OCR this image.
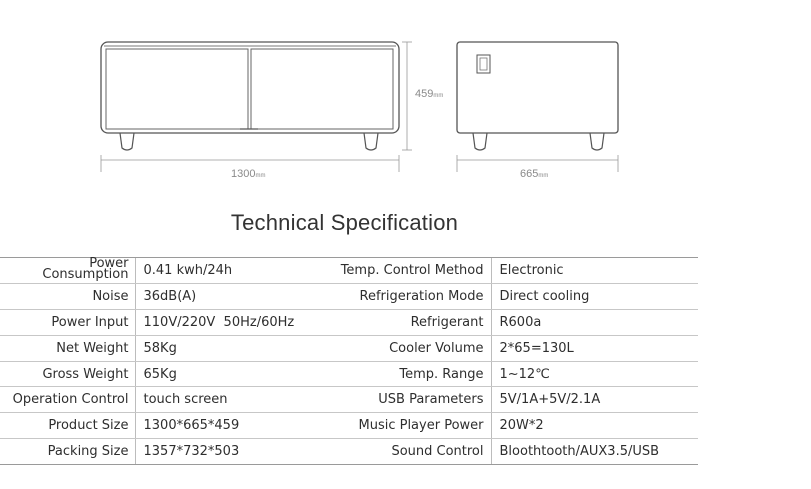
1300mm
459mm
665mm
Technical Specification
Power
Consumption	0.41 kwh/24h	Temp. Control Method	Electronic
Noise	36dB(A)	Refrigeration Mode	Direct cooling
Power Input	110V/220V  50Hz/60Hz	Refrigerant	R600a
Net Weight	58Kg	Cooler Volume	2*65=130L
Gross Weight	65Kg	Temp. Range	1~12℃
Operation Control	touch screen	USB Parameters	5V/1A+5V/2.1A
Product Size	1300*665*459	Music Player Power	20W*2
Packing Size	1357*732*503	Sound Control	Bloothtooth/AUX3.5/USB
